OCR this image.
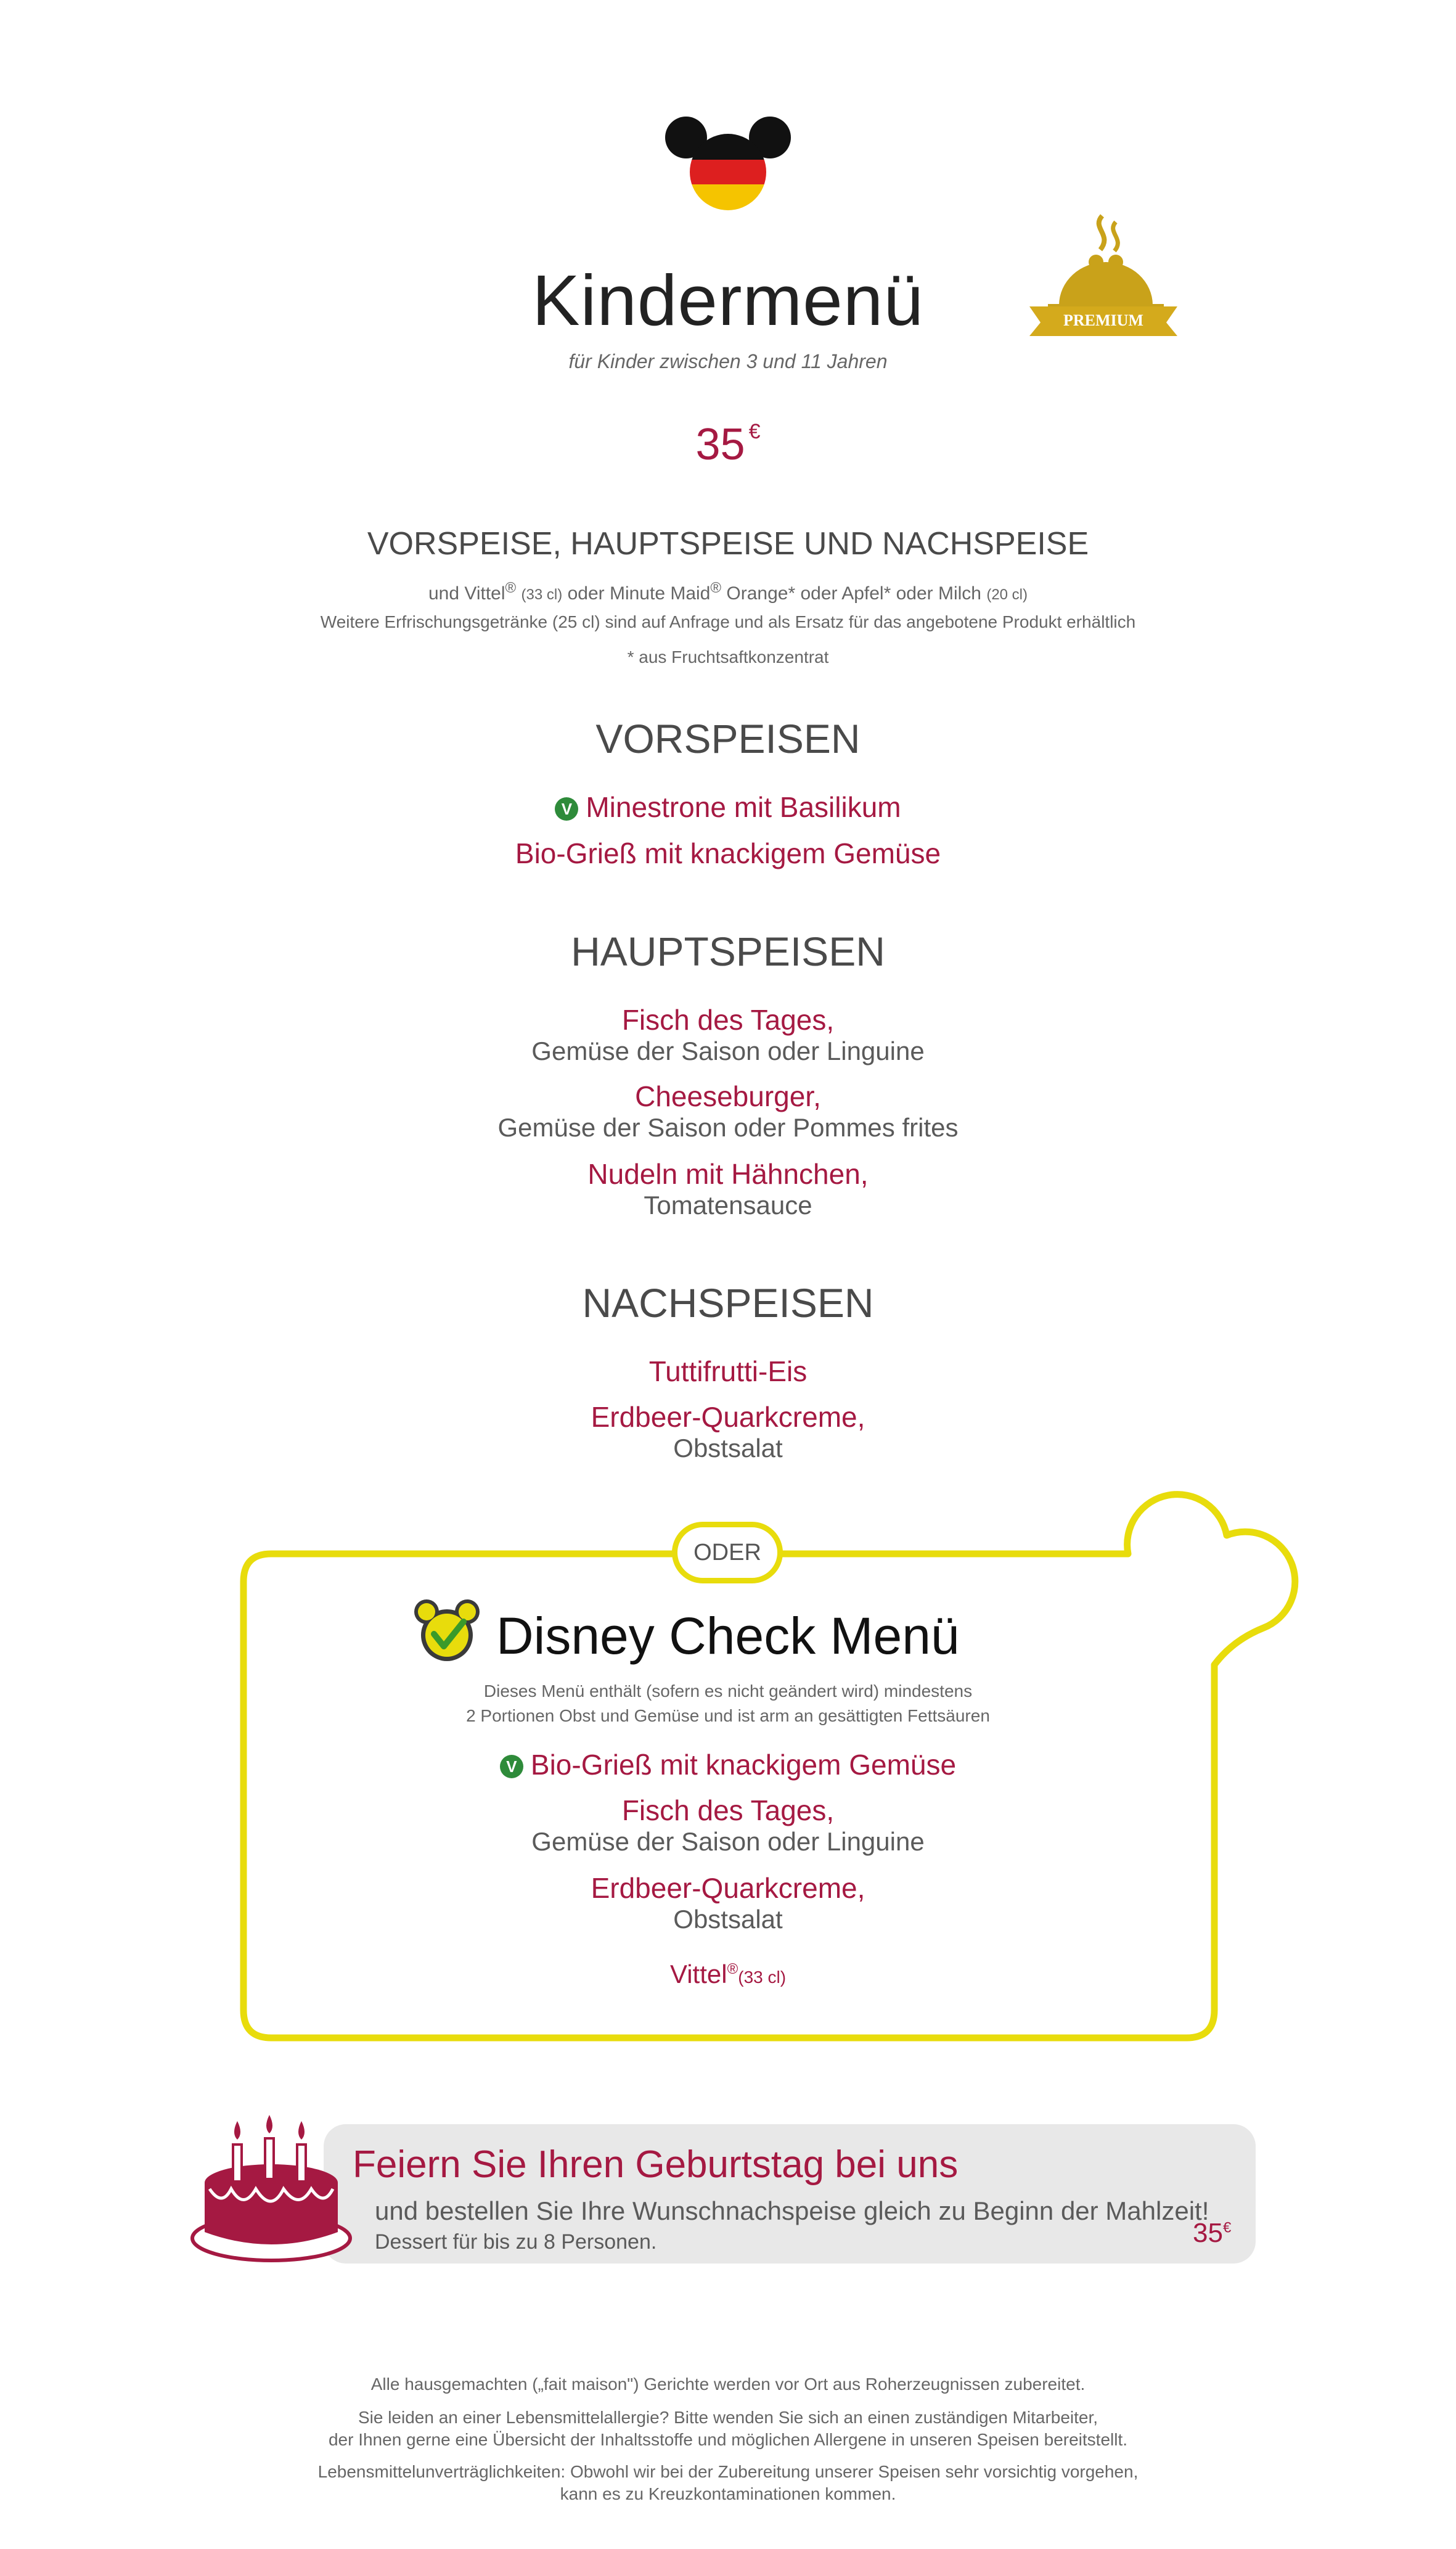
Kindermenü
für Kinder zwischen 3 und 11 Jahren
PREMIUM
35 €
VORSPEISE, HAUPTSPEISE UND NACHSPEISE
und Vittel® (33 cl) oder Minute Maid® Orange* oder Apfel* oder Milch (20 cl)
Weitere Erfrischungsgetränke (25 cl) sind auf Anfrage und als Ersatz für das angebotene Produkt erhältlich
* aus Fruchtsaftkonzentrat
VORSPEISEN
V Minestrone mit Basilikum
Bio-Grieß mit knackigem Gemüse
HAUPTSPEISEN
Fisch des Tages,
Gemüse der Saison oder Linguine
Cheeseburger,
Gemüse der Saison oder Pommes frites
Nudeln mit Hähnchen,
Tomatensauce
NACHSPEISEN
Tuttifrutti-Eis
Erdbeer-Quarkcreme,
Obstsalat
ODER
Disney Check Menü
Dieses Menü enthält (sofern es nicht geändert wird) mindestens
2 Portionen Obst und Gemüse und ist arm an gesättigten Fettsäuren
V Bio-Grieß mit knackigem Gemüse
Fisch des Tages,
Gemüse der Saison oder Linguine
Erdbeer-Quarkcreme,
Obstsalat
Vittel®(33 cl)
Feiern Sie Ihren Geburtstag bei uns
und bestellen Sie Ihre Wunschnachspeise gleich zu Beginn der Mahlzeit!
Dessert für bis zu 8 Personen.	35€
Alle hausgemachten („fait maison") Gerichte werden vor Ort aus Roherzeugnissen zubereitet.
Sie leiden an einer Lebensmittelallergie? Bitte wenden Sie sich an einen zuständigen Mitarbeiter,
der Ihnen gerne eine Übersicht der Inhaltsstoffe und möglichen Allergene in unseren Speisen bereitstellt.
Lebensmittelunverträglichkeiten: Obwohl wir bei der Zubereitung unserer Speisen sehr vorsichtig vorgehen,
kann es zu Kreuzkontaminationen kommen.
